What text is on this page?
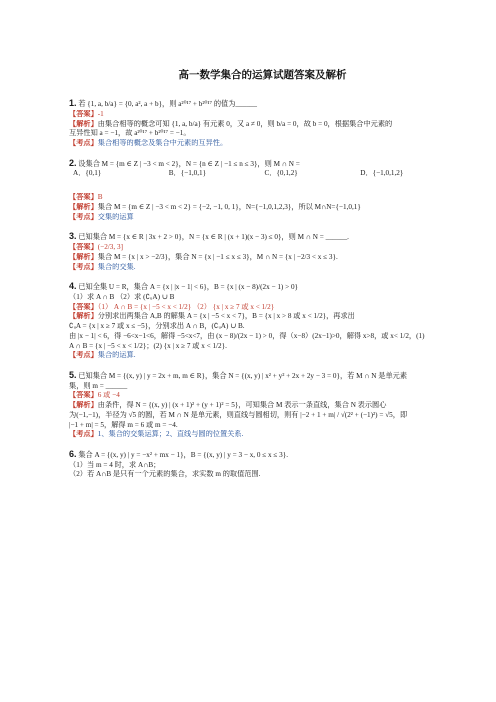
高一数学集合的运算试题答案及解析
1. 若 {1, a, b/a} = {0, a², a + b}，则 a²⁰¹⁷ + b²⁰¹⁷ 的值为______
【答案】-1
【解析】由集合相等的概念可知 {1, a, b/a} 有元素 0，又 a ≠ 0，则 b/a = 0，故 b = 0，根据集合中元素的
互异性知 a = −1，故 a²⁰¹⁷ + b²⁰¹⁷ = −1。
【考点】集合相等的概念及集合中元素的互异性。
2. 设集合 M = {m ∈ Z | −3 < m < 2}，N = {n ∈ Z | −1 ≤ n ≤ 3}，则 M ∩ N =
A．{0,1}	B．{−1,0,1}	C．{0,1,2}	D．{−1,0,1,2}
【答案】B
【解析】集合 M = {m ∈ Z | −3 < m < 2} = {−2, −1, 0, 1}，N={−1,0,1,2,3}，所以 M∩N={−1,0,1}
【考点】交集的运算
3. 已知集合 M = {x ∈ R | 3x + 2 > 0}，N = {x ∈ R | (x + 1)(x − 3) ≤ 0}，则 M ∩ N = ______.
【答案】(−2/3, 3]
【解析】集合 M = {x | x > −2/3}，集合 N = {x | −1 ≤ x ≤ 3}，M ∩ N = {x | −2/3 < x ≤ 3}.
【考点】集合的交集.
4. 已知全集 U = R，集合 A = {x | |x − 1| < 6}，B = {x | (x − 8)/(2x − 1) > 0}
（1）求 A ∩ B （2）求 (∁ᵤA) ∪ B
【答案】（1） A ∩ B = {x | −5 < x < 1/2} （2） {x | x ≥ 7 或 x < 1/2}
【解析】分别求出两集合 A,B 的解集 A = {x | −5 < x < 7}，B = {x | x > 8 或 x < 1/2}，再求出
∁ᵤA = {x | x ≥ 7 或 x ≤ −5}，分别求出 A ∩ B，(∁ᵤA) ∪ B.
由 |x − 1| < 6，得 −6<x−1<6，解得 −5<x<7，由 (x − 8)/(2x − 1) > 0，得（x−8）(2x−1)>0，解得 x>8，或 x< 1/2，(1)
A ∩ B = {x | −5 < x < 1/2}；(2) {x | x ≥ 7 或 x < 1/2}.
【考点】集合的运算.
5. 已知集合 M = {(x, y) | y = 2x + m, m ∈ R}，集合 N = {(x, y) | x² + y² + 2x + 2y − 3 = 0}，若 M ∩ N 是单元素
集，则 m = ______
【答案】6 或 −4
【解析】由条件，得 N = {(x, y) | (x + 1)² + (y + 1)² = 5}，可知集合 M 表示一条直线，集合 N 表示圆心
为(−1,−1)，半径为 √5 的圆，若 M ∩ N 是单元素，则直线与圆相切，则有 |−2 + 1 + m| / √(2² + (−1)²) = √5，即
|−1 + m| = 5，解得 m = 6 或 m = −4.
【考点】1、集合的交集运算；2、直线与圆的位置关系.
6. 集合 A = {(x, y) | y = −x² + mx − 1}，B = {(x, y) | y = 3 − x, 0 ≤ x ≤ 3}.
（1）当 m = 4 时，求 A∩B；
（2）若 A∩B 是只有一个元素的集合，求实数 m 的取值范围.
